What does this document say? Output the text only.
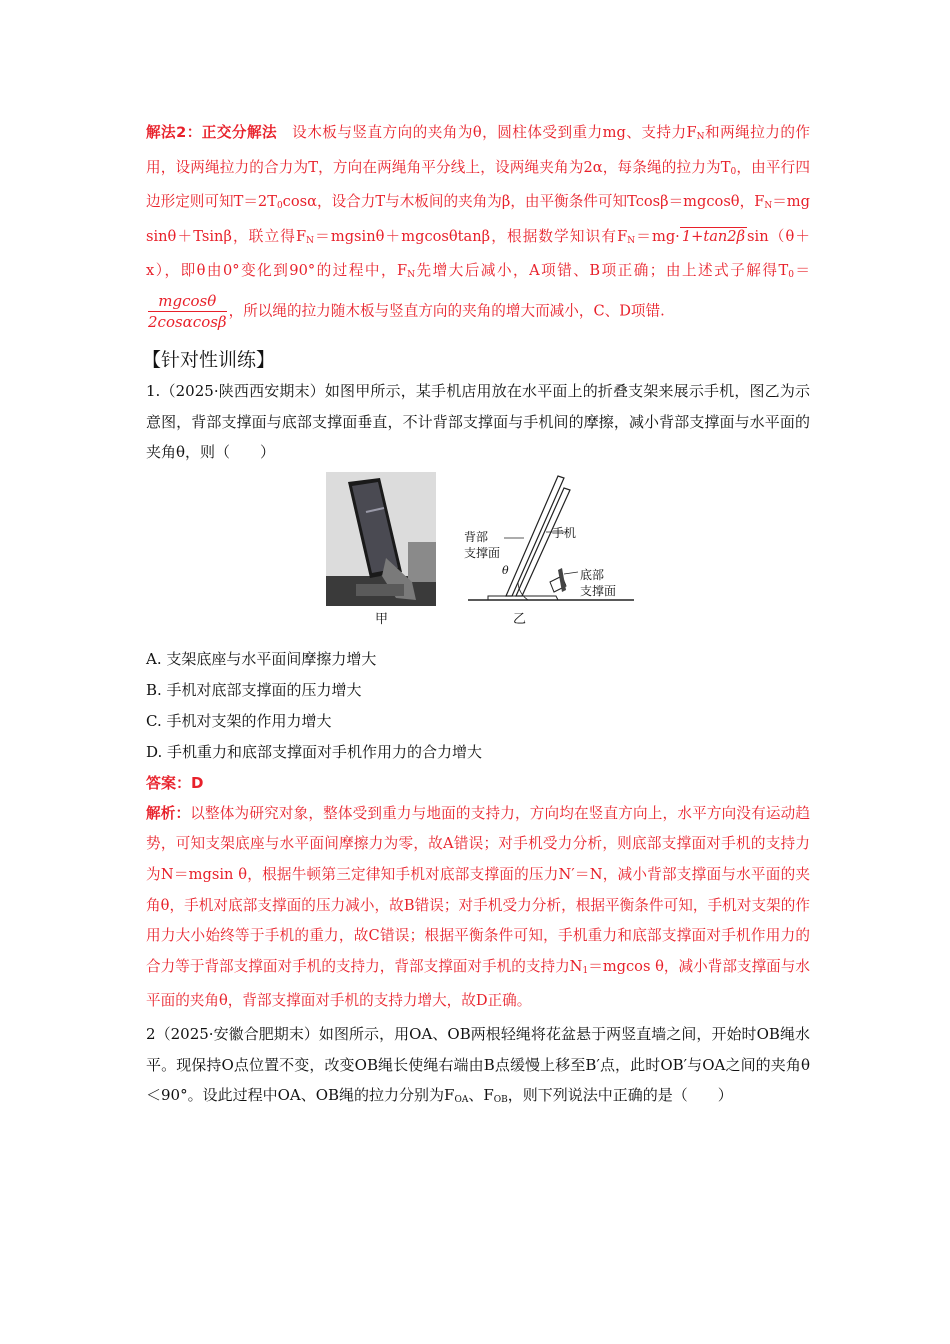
解法2：正交分解法　 设木板与竖直方向的夹角为θ，圆柱体受到重力mg、支持力$F_N$和两绳拉力的作用，设两绳拉力的合力为T，方向在两绳角平分线上，设两绳夹角为2α，每条绳的拉力为$T_0$，由平行四边形定则可知$T=2T_0\cos\alpha$，设合力T与木板间的夹角为β，由平衡条件可知Tcosβ＝mgcosθ，$F_N=mgsin\theta+Tsin\beta$，联立得$F_N=mgsin\theta+mgcos\theta\tan\beta$，根据数学知识有$F_N=mg\cdot$ 1+tan⁨2β sin（θ＋x），即θ由0°变化到90°的过程中，$F_N$先增大后减小，A项错、B项正确；由上述式子解得$T_0=$
$\frac{mgcos\theta}{2\cos\alpha\cos\beta}$ ，所以绳的拉力随木板与竖直方向的夹角的增大而减小，C、D项错.

【针对性训练】

1.（2025·陕西西安期末）如图甲所示，某手机店用放在水平面上的折叠支架来展示手机，图乙为示意图，背部支撑面与底部支撑面垂直，不计背部支撑面与手机间的摩擦，减小背部支撑面与水平面的夹角θ，则（　　）

甲
手机
背部
支撑面
θ	底部
支撑面
乙

A. 支架底座与水平面间摩擦力增大

B. 手机对底部支撑面的压力增大

C. 手机对支架的作用力增大

D. 手机重力和底部支撑面对手机作用力的合力增大

答案：D

解析：以整体为研究对象，整体受到重力与地面的支持力，方向均在竖直方向上，水平方向没有运动趋势，可知支架底座与水平面间摩擦力为零，故A错误；对手机受力分析，则底部支撑面对手机的支持力为N＝mgsin θ，根据牛顿第三定律知手机对底部支撑面的压力N′＝N，减小背部支撑面与水平面的夹角θ，手机对底部支撑面的压力减小，故B错误；对手机受力分析，根据平衡条件可知，手机对支架的作用力大小始终等于手机的重力，故C错误；根据平衡条件可知，手机重力和底部支撑面对手机作用力的合力等于背部支撑面对手机的支持力，背部支撑面对手机的支持力$N_1=mgcos$ θ，减小背部支撑面与水平面的夹角θ，背部支撑面对手机的支持力增大，故D正确。

2（2025·安徽合肥期末）如图所示，用OA、OB两根轻绳将花盆悬于两竖直墙之间，开始时OB绳水平。现保持O点位置不变，改变OB绳长使绳右端由B点缓慢上移至B′点，此时OB′与OA之间的夹角θ＜90°。设此过程中OA、OB绳的拉力分别为$F_{OA}$、$F_{OB}$，则下列说法中正确的是（　　）
